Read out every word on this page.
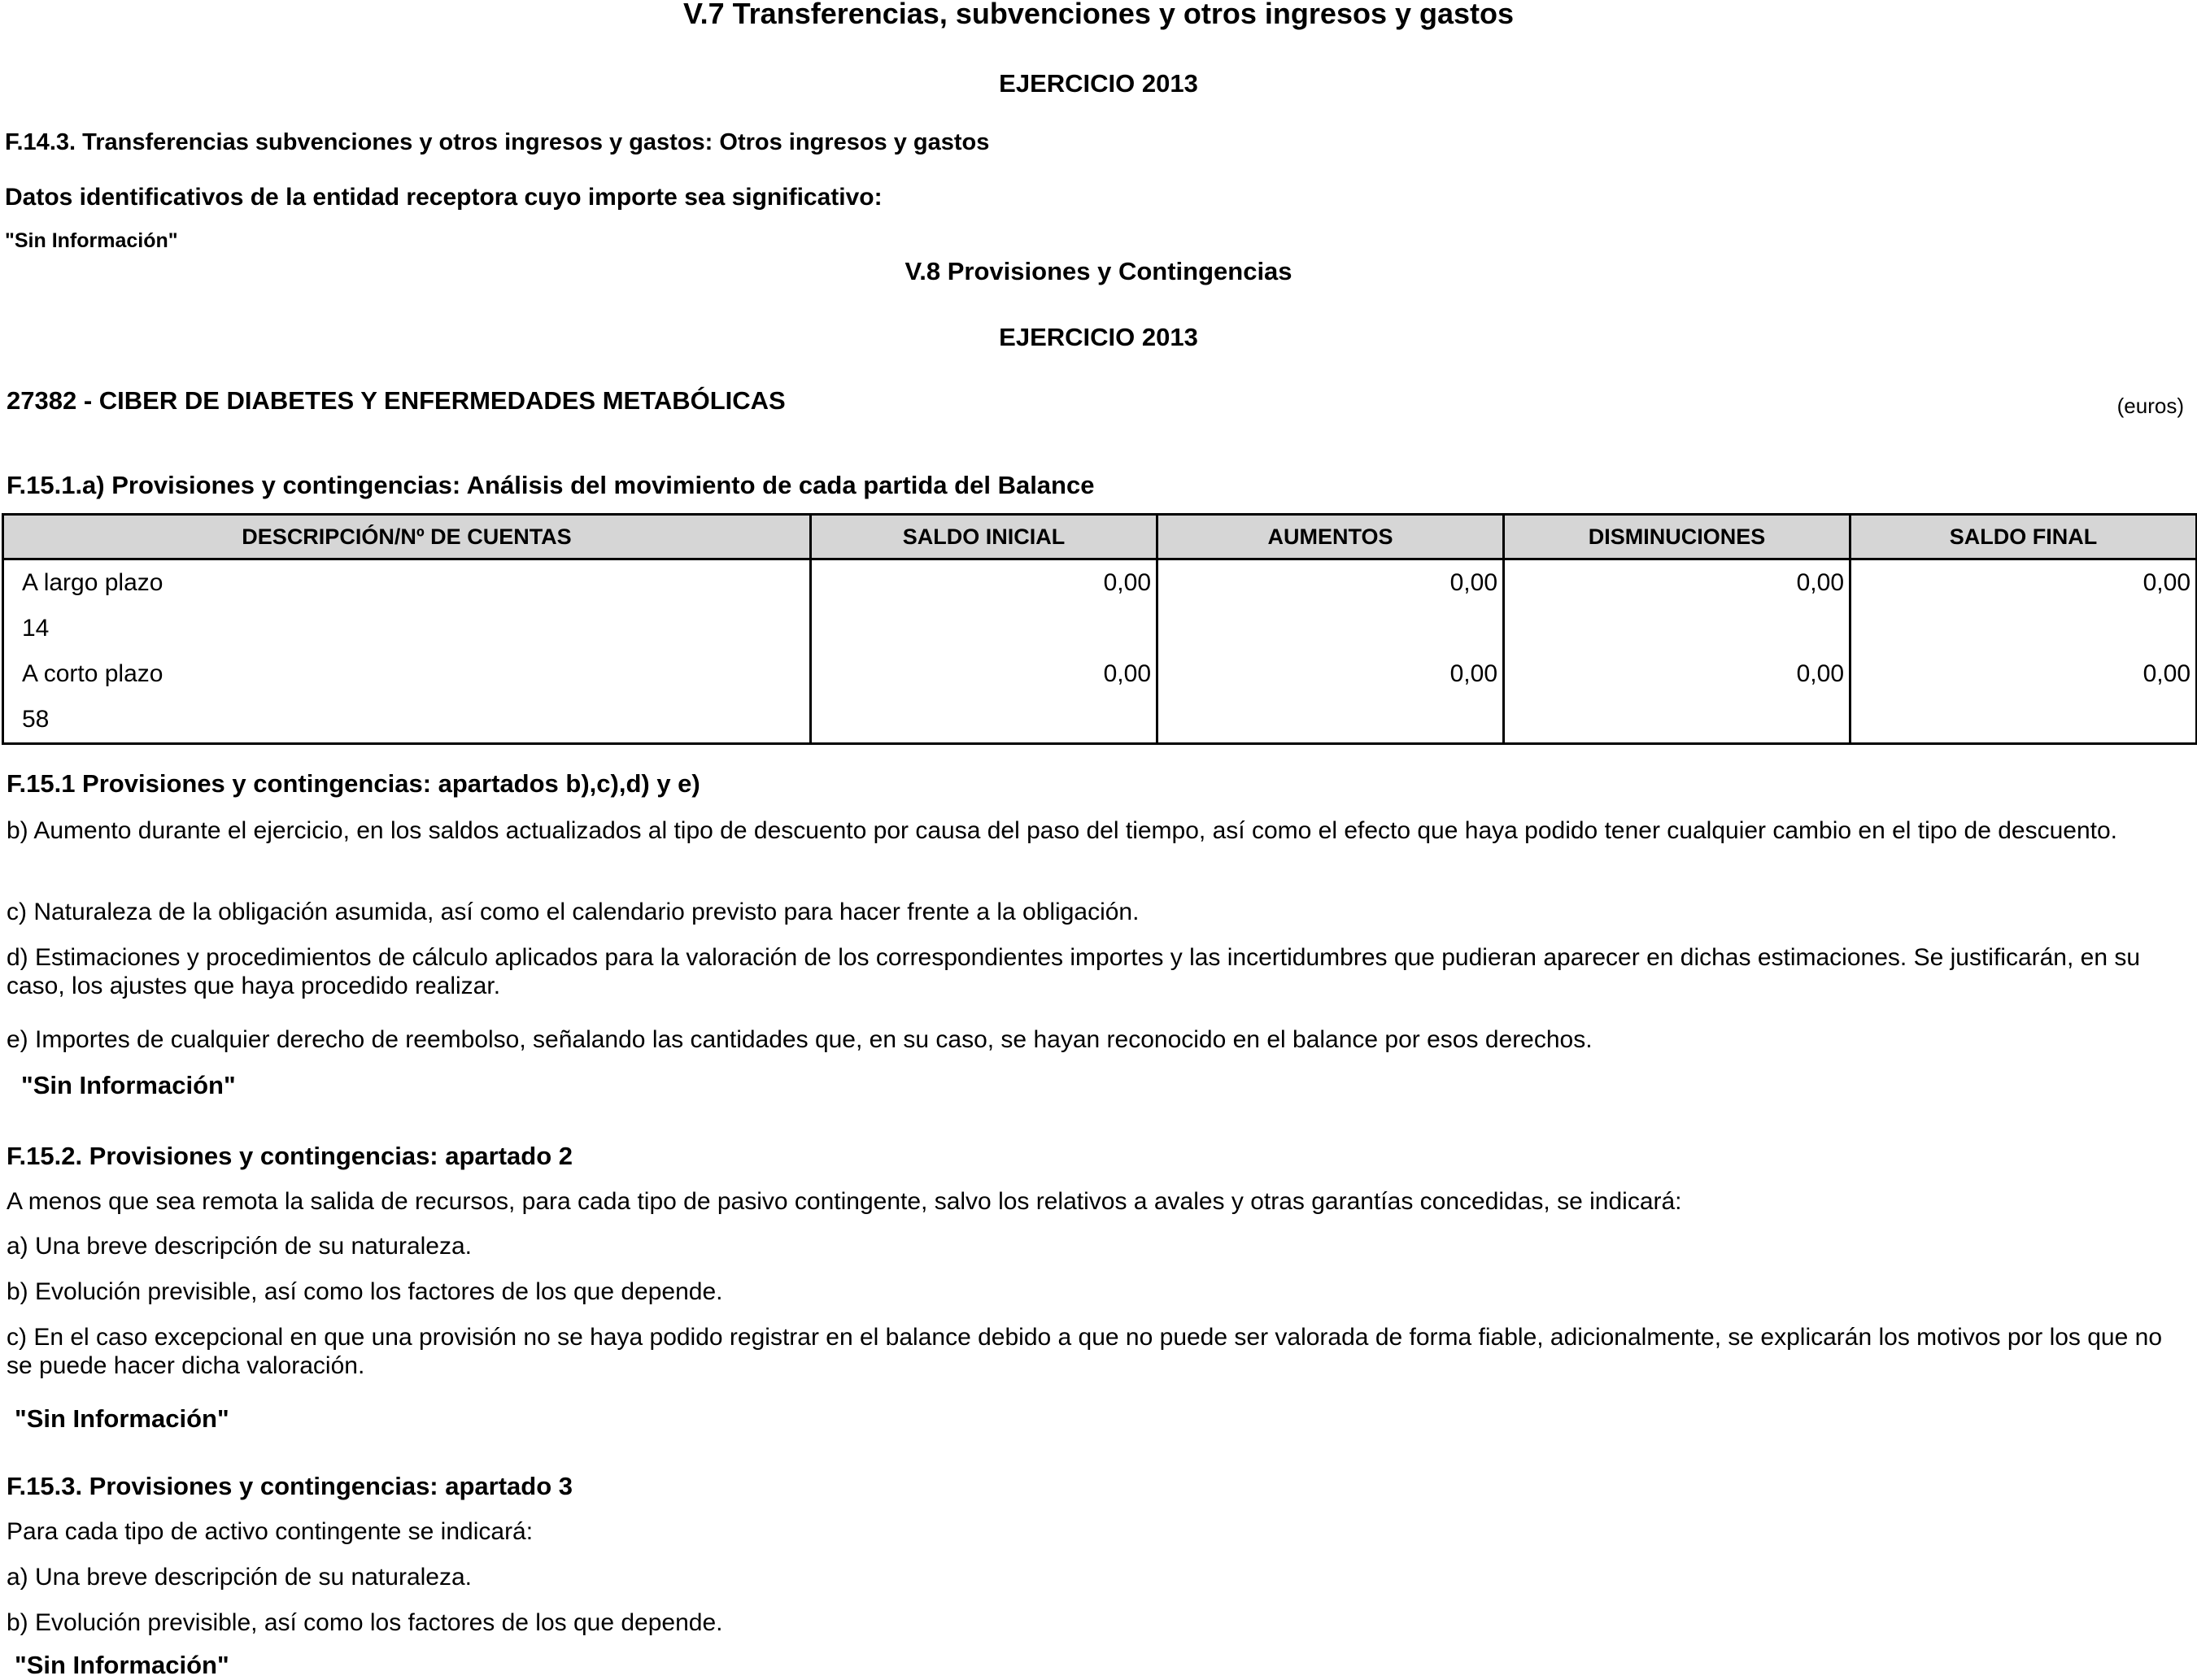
V.7 Transferencias, subvenciones y otros ingresos y gastos
EJERCICIO 2013
F.14.3. Transferencias subvenciones y otros ingresos y gastos: Otros ingresos y gastos
Datos identificativos de la entidad receptora cuyo importe sea significativo:
"Sin Información"
V.8 Provisiones y Contingencias
EJERCICIO 2013
27382 - CIBER DE DIABETES Y ENFERMEDADES METABÓLICAS	(euros)
F.15.1.a) Provisiones y contingencias: Análisis del movimiento de cada partida del Balance
DESCRIPCIÓN/Nº DE CUENTAS	SALDO INICIAL	AUMENTOS	DISMINUCIONES	SALDO FINAL
A largo plazo	0,00	0,00	0,00	0,00
14				
A corto plazo	0,00	0,00	0,00	0,00
58				
F.15.1 Provisiones y contingencias: apartados b),c),d) y e)
b) Aumento durante el ejercicio, en los saldos actualizados al tipo de descuento por causa del paso del tiempo, así como el efecto que haya podido tener cualquier cambio en el tipo de descuento.
c) Naturaleza de la obligación asumida, así como el calendario previsto para hacer frente a la obligación.
d) Estimaciones y procedimientos de cálculo aplicados para la valoración de los correspondientes importes y las incertidumbres que pudieran aparecer en dichas estimaciones. Se justificarán, en su caso, los ajustes que haya procedido realizar.
e) Importes de cualquier derecho de reembolso, señalando las cantidades que, en su caso, se hayan reconocido en el balance por esos derechos.
"Sin Información"
F.15.2. Provisiones y contingencias: apartado 2
A menos que sea remota la salida de recursos, para cada tipo de pasivo contingente, salvo los relativos a avales y otras garantías concedidas, se indicará:
a) Una breve descripción de su naturaleza.
b) Evolución previsible, así como los factores de los que depende.
c) En el caso excepcional en que una provisión no se haya podido registrar en el balance debido a que no puede ser valorada de forma fiable, adicionalmente, se explicarán los motivos por los que no se puede hacer dicha valoración.
"Sin Información"
F.15.3. Provisiones y contingencias: apartado 3
Para cada tipo de activo contingente se indicará:
a) Una breve descripción de su naturaleza.
b) Evolución previsible, así como los factores de los que depende.
"Sin Información"
